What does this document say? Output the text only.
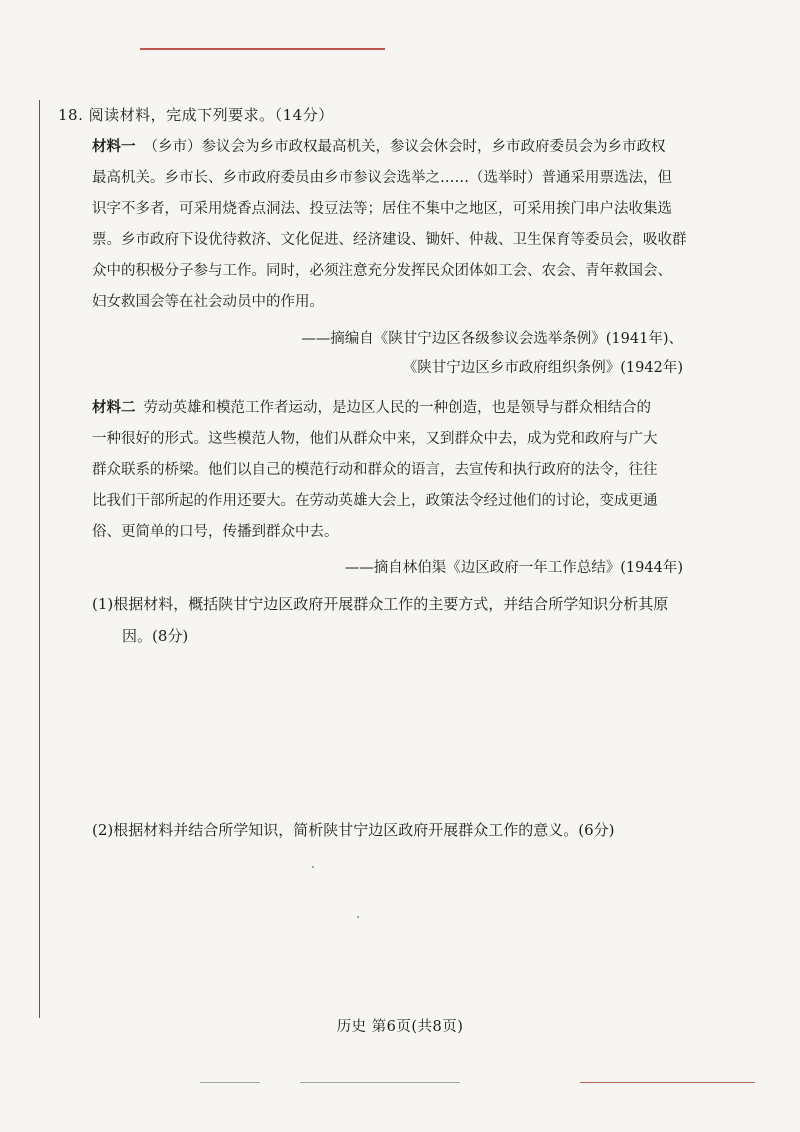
18. 阅读材料，完成下列要求。（14分）
材料一 （乡市）参议会为乡市政权最高机关，参议会休会时，乡市政府委员会为乡市政权
最高机关。乡市长、乡市政府委员由乡市参议会选举之……（选举时）普通采用票选法，但
识字不多者，可采用烧香点洞法、投豆法等；居住不集中之地区，可采用挨门串户法收集选
票。乡市政府下设优待救济、文化促进、经济建设、锄奸、仲裁、卫生保育等委员会，吸收群
众中的积极分子参与工作。同时，必须注意充分发挥民众团体如工会、农会、青年救国会、
妇女救国会等在社会动员中的作用。
——摘编自《陕甘宁边区各级参议会选举条例》(1941年)、
《陕甘宁边区乡市政府组织条例》(1942年)
材料二 劳动英雄和模范工作者运动，是边区人民的一种创造，也是领导与群众相结合的
一种很好的形式。这些模范人物，他们从群众中来，又到群众中去，成为党和政府与广大
群众联系的桥梁。他们以自己的模范行动和群众的语言，去宣传和执行政府的法令，往往
比我们干部所起的作用还要大。在劳动英雄大会上，政策法令经过他们的讨论，变成更通
俗、更简单的口号，传播到群众中去。
——摘自林伯渠《边区政府一年工作总结》(1944年)
(1)根据材料，概括陕甘宁边区政府开展群众工作的主要方式，并结合所学知识分析其原
因。(8分)
(2)根据材料并结合所学知识，简析陕甘宁边区政府开展群众工作的意义。(6分)
历史 第6页(共8页)
